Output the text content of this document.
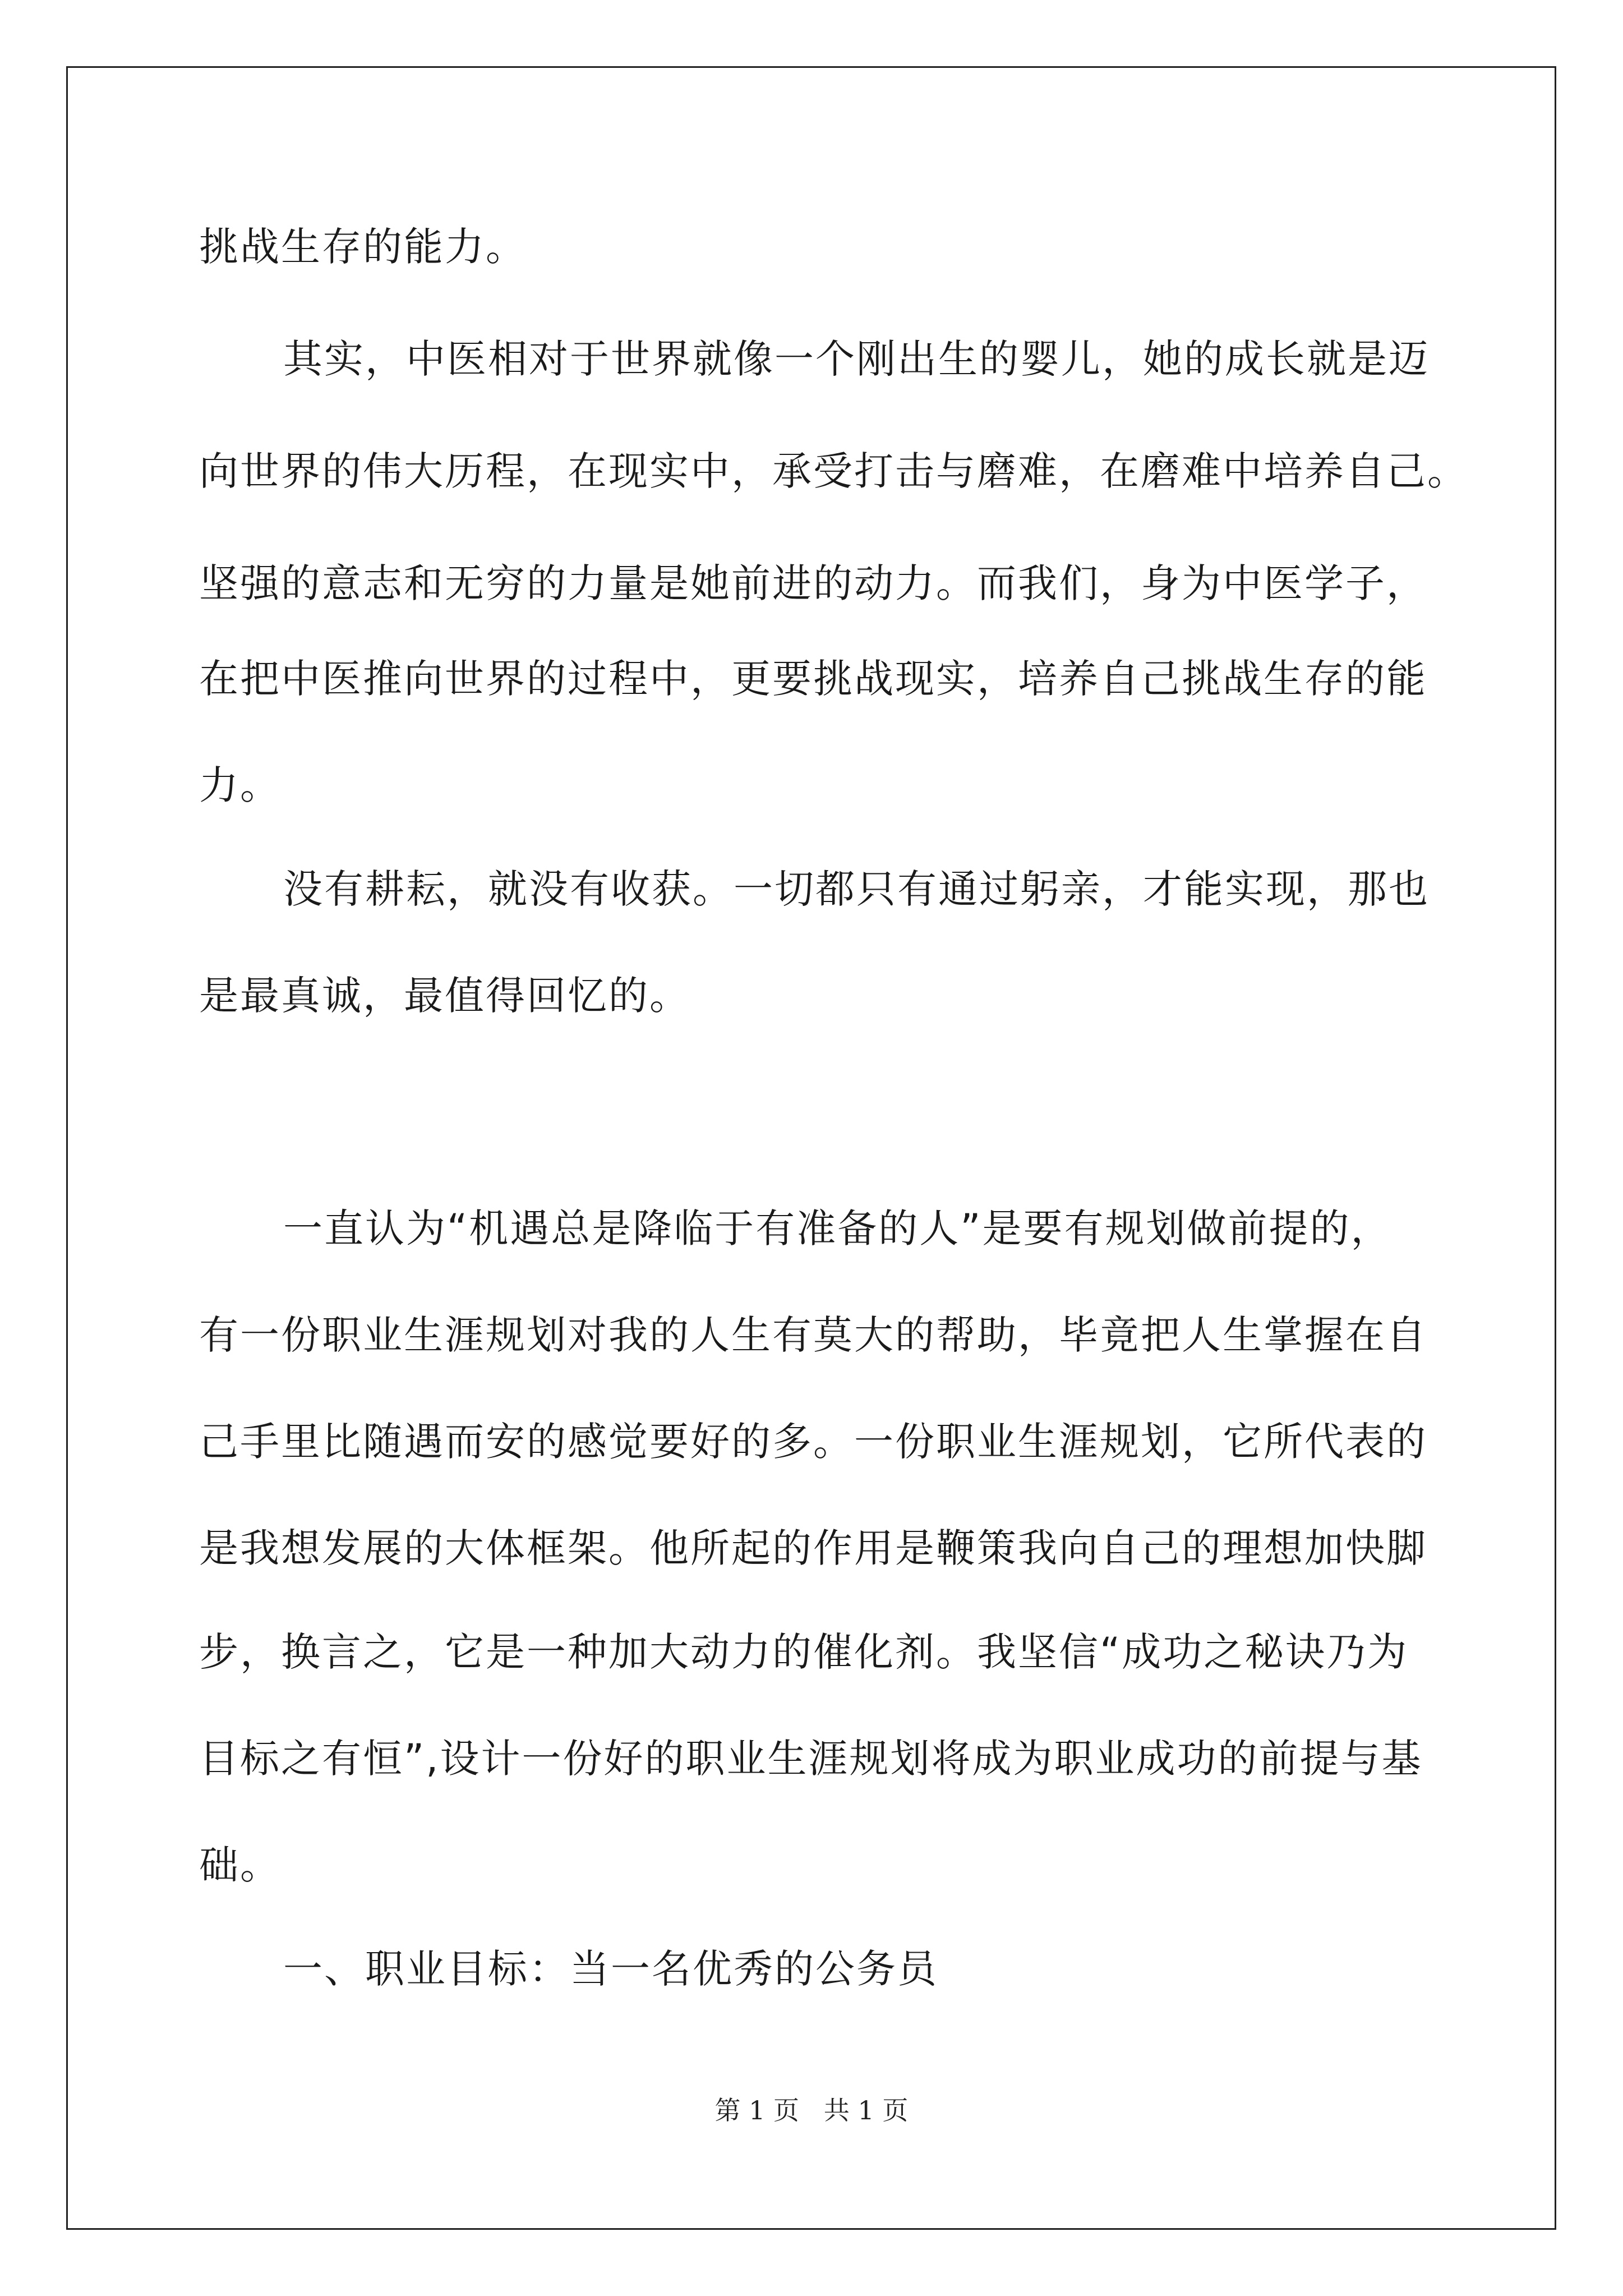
挑战生存的能力。
其实，中医相对于世界就像一个刚出生的婴儿，她的成长就是迈
向世界的伟大历程，在现实中，承受打击与磨难，在磨难中培养自己。
坚强的意志和无穷的力量是她前进的动力。而我们，身为中医学子，
在把中医推向世界的过程中，更要挑战现实，培养自己挑战生存的能
力。
没有耕耘，就没有收获。一切都只有通过躬亲，才能实现，那也
是最真诚，最值得回忆的。
一直认为“机遇总是降临于有准备的人”是要有规划做前提的，
有一份职业生涯规划对我的人生有莫大的帮助，毕竟把人生掌握在自
己手里比随遇而安的感觉要好的多。一份职业生涯规划，它所代表的
是我想发展的大体框架。他所起的作用是鞭策我向自己的理想加快脚
步，换言之，它是一种加大动力的催化剂。我坚信“成功之秘诀乃为
目标之有恒”,设计一份好的职业生涯规划将成为职业成功的前提与基
础。
一、职业目标：当一名优秀的公务员
第 1 页   共 1 页
